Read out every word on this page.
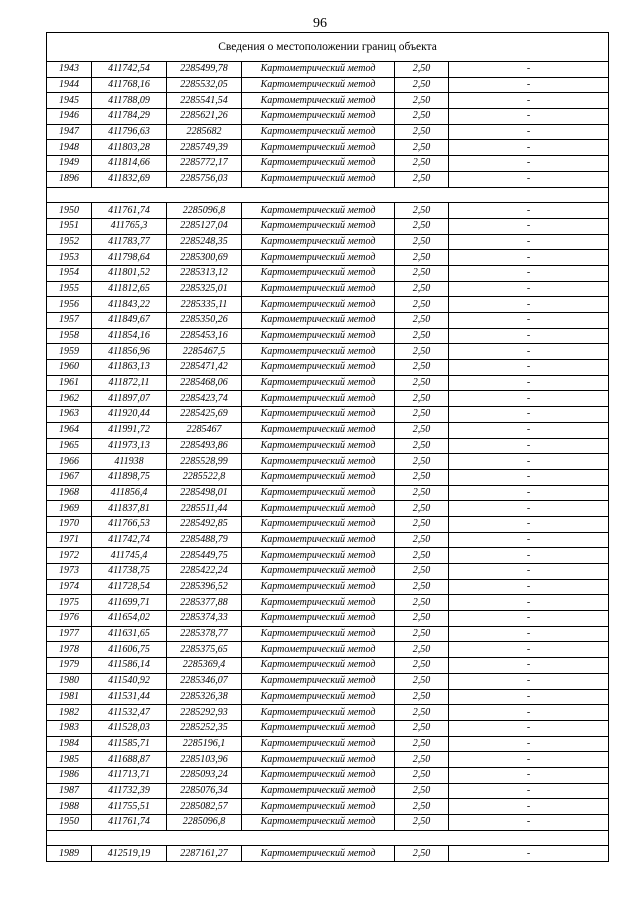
96
Сведения о местоположении границ объекта					
1943	411742,54	2285499,78	Картометрический метод	2,50	-
1944	411768,16	2285532,05	Картометрический метод	2,50	-
1945	411788,09	2285541,54	Картометрический метод	2,50	-
1946	411784,29	2285621,26	Картометрический метод	2,50	-
1947	411796,63	2285682	Картометрический метод	2,50	-
1948	411803,28	2285749,39	Картометрический метод	2,50	-
1949	411814,66	2285772,17	Картометрический метод	2,50	-
1896	411832,69	2285756,03	Картометрический метод	2,50	-

1950	411761,74	2285096,8	Картометрический метод	2,50	-
1951	411765,3	2285127,04	Картометрический метод	2,50	-
1952	411783,77	2285248,35	Картометрический метод	2,50	-
1953	411798,64	2285300,69	Картометрический метод	2,50	-
1954	411801,52	2285313,12	Картометрический метод	2,50	-
1955	411812,65	2285325,01	Картометрический метод	2,50	-
1956	411843,22	2285335,11	Картометрический метод	2,50	-
1957	411849,67	2285350,26	Картометрический метод	2,50	-
1958	411854,16	2285453,16	Картометрический метод	2,50	-
1959	411856,96	2285467,5	Картометрический метод	2,50	-
1960	411863,13	2285471,42	Картометрический метод	2,50	-
1961	411872,11	2285468,06	Картометрический метод	2,50	-
1962	411897,07	2285423,74	Картометрический метод	2,50	-
1963	411920,44	2285425,69	Картометрический метод	2,50	-
1964	411991,72	2285467	Картометрический метод	2,50	-
1965	411973,13	2285493,86	Картометрический метод	2,50	-
1966	411938	2285528,99	Картометрический метод	2,50	-
1967	411898,75	2285522,8	Картометрический метод	2,50	-
1968	411856,4	2285498,01	Картометрический метод	2,50	-
1969	411837,81	2285511,44	Картометрический метод	2,50	-
1970	411766,53	2285492,85	Картометрический метод	2,50	-
1971	411742,74	2285488,79	Картометрический метод	2,50	-
1972	411745,4	2285449,75	Картометрический метод	2,50	-
1973	411738,75	2285422,24	Картометрический метод	2,50	-
1974	411728,54	2285396,52	Картометрический метод	2,50	-
1975	411699,71	2285377,88	Картометрический метод	2,50	-
1976	411654,02	2285374,33	Картометрический метод	2,50	-
1977	411631,65	2285378,77	Картометрический метод	2,50	-
1978	411606,75	2285375,65	Картометрический метод	2,50	-
1979	411586,14	2285369,4	Картометрический метод	2,50	-
1980	411540,92	2285346,07	Картометрический метод	2,50	-
1981	411531,44	2285326,38	Картометрический метод	2,50	-
1982	411532,47	2285292,93	Картометрический метод	2,50	-
1983	411528,03	2285252,35	Картометрический метод	2,50	-
1984	411585,71	2285196,1	Картометрический метод	2,50	-
1985	411688,87	2285103,96	Картометрический метод	2,50	-
1986	411713,71	2285093,24	Картометрический метод	2,50	-
1987	411732,39	2285076,34	Картометрический метод	2,50	-
1988	411755,51	2285082,57	Картометрический метод	2,50	-
1950	411761,74	2285096,8	Картометрический метод	2,50	-

1989	412519,19	2287161,27	Картометрический метод	2,50	-
